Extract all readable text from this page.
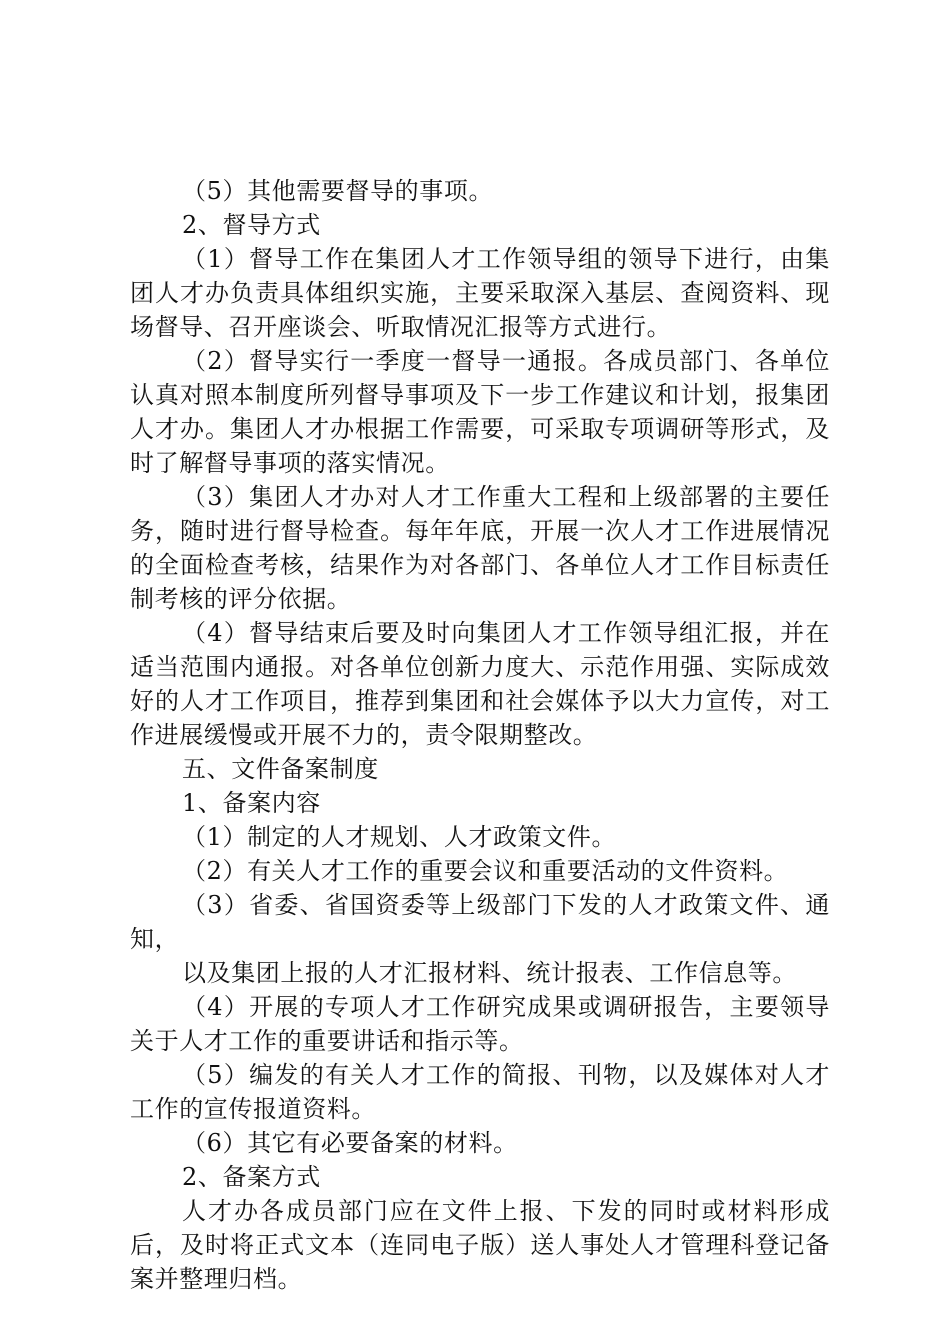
（5）其他需要督导的事项。

2、督导方式

（1）督导工作在集团人才工作领导组的领导下进行，由集团人才办负责具体组织实施，主要采取深入基层、查阅资料、现场督导、召开座谈会、听取情况汇报等方式进行。

（2）督导实行一季度一督导一通报。各成员部门、各单位认真对照本制度所列督导事项及下一步工作建议和计划，报集团人才办。集团人才办根据工作需要，可采取专项调研等形式，及时了解督导事项的落实情况。

（3）集团人才办对人才工作重大工程和上级部署的主要任务，随时进行督导检查。每年年底，开展一次人才工作进展情况的全面检查考核，结果作为对各部门、各单位人才工作目标责任制考核的评分依据。

（4）督导结束后要及时向集团人才工作领导组汇报，并在适当范围内通报。对各单位创新力度大、示范作用强、实际成效好的人才工作项目，推荐到集团和社会媒体予以大力宣传，对工作进展缓慢或开展不力的，责令限期整改。

五、文件备案制度

1、备案内容

（1）制定的人才规划、人才政策文件。

（2）有关人才工作的重要会议和重要活动的文件资料。

（3）省委、省国资委等上级部门下发的人才政策文件、通知，

以及集团上报的人才汇报材料、统计报表、工作信息等。

（4）开展的专项人才工作研究成果或调研报告，主要领导关于人才工作的重要讲话和指示等。

（5）编发的有关人才工作的简报、刊物，以及媒体对人才工作的宣传报道资料。

（6）其它有必要备案的材料。

2、备案方式

人才办各成员部门应在文件上报、下发的同时或材料形成后，及时将正式文本（连同电子版）送人事处人才管理科登记备案并整理归档。
